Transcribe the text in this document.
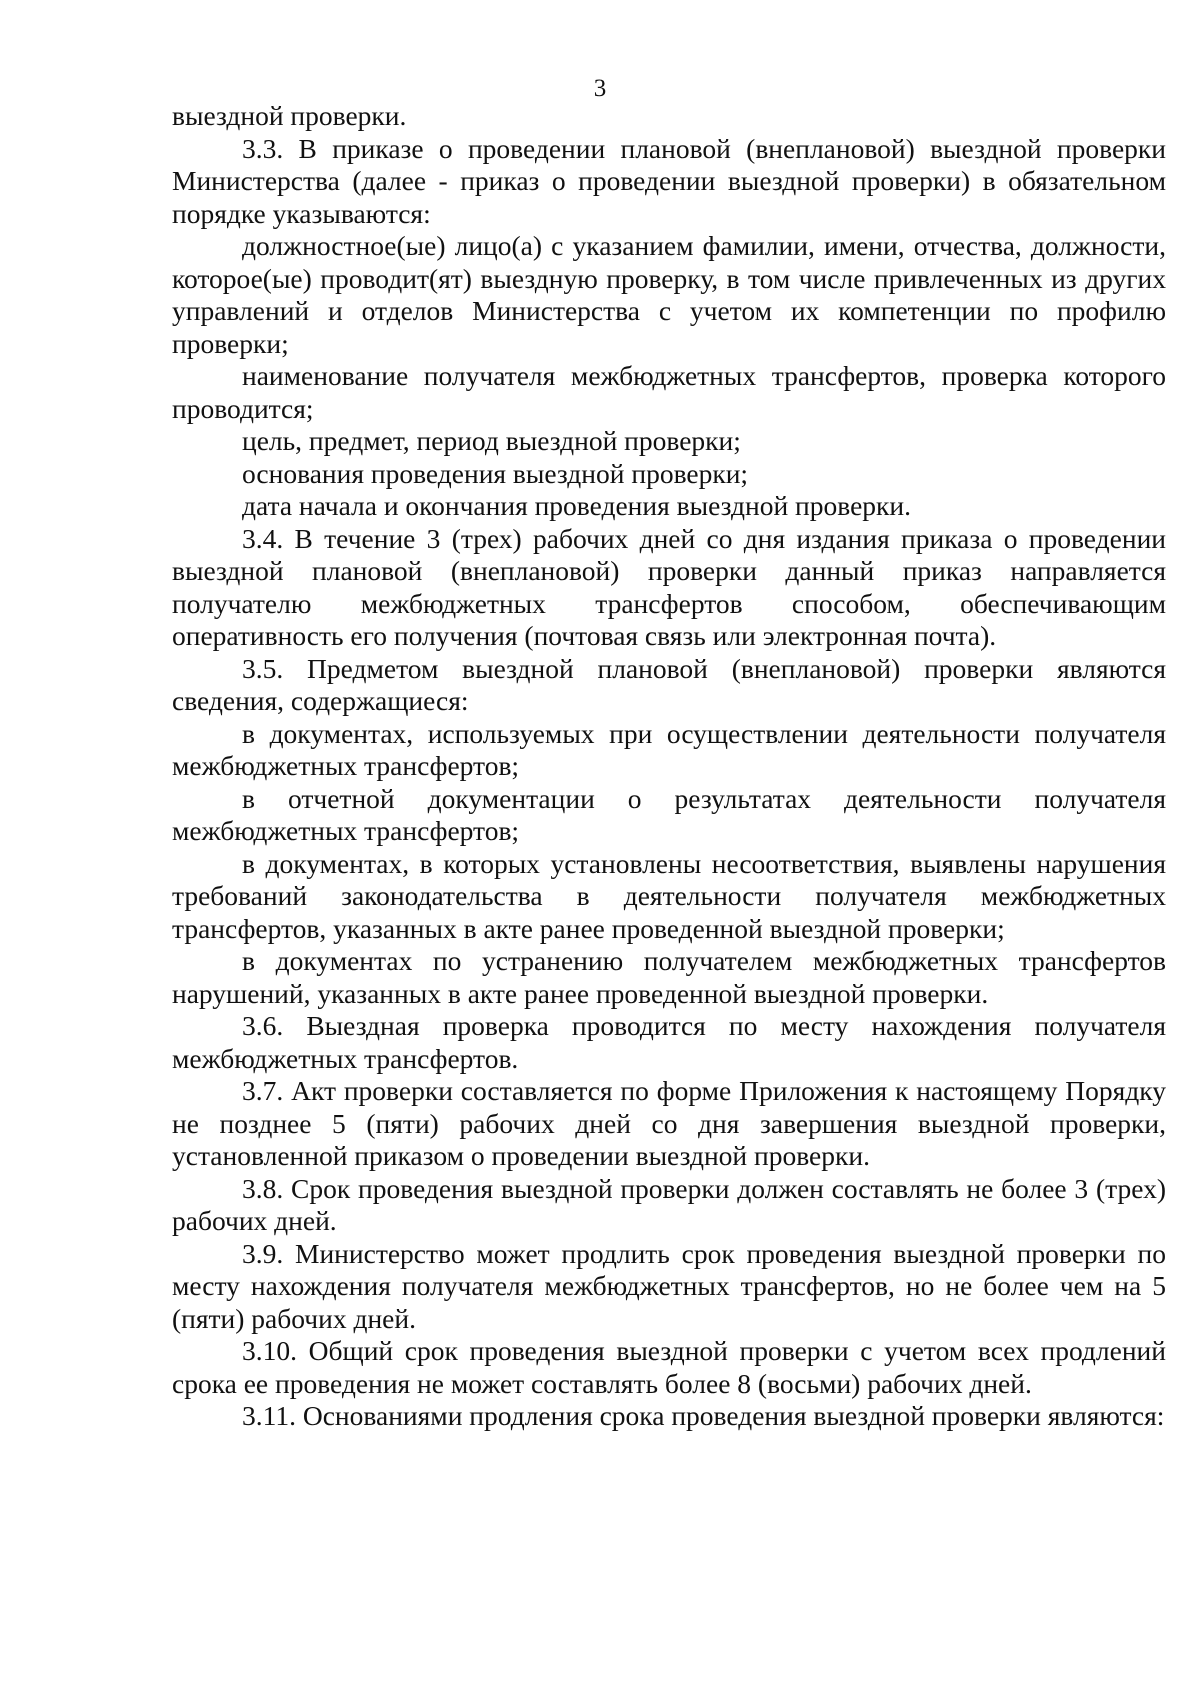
3

выездной проверки.

3.3. В приказе о проведении плановой (внеплановой) выездной проверки Министерства (далее - приказ о проведении выездной проверки) в обязательном порядке указываются:

должностное(ые) лицо(а) с указанием фамилии, имени, отчества, должности, которое(ые) проводит(ят) выездную проверку, в том числе привлеченных из других управлений и отделов Министерства с учетом их компетенции по профилю проверки;

наименование получателя межбюджетных трансфертов, проверка которого проводится;

цель, предмет, период выездной проверки;

основания проведения выездной проверки;

дата начала и окончания проведения выездной проверки.

3.4. В течение 3 (трех) рабочих дней со дня издания приказа о проведении выездной плановой (внеплановой) проверки данный приказ направляется получателю межбюджетных трансфертов способом, обеспечивающим оперативность его получения (почтовая связь или электронная почта).

3.5. Предметом выездной плановой (внеплановой) проверки являются сведения, содержащиеся:

в документах, используемых при осуществлении деятельности получателя межбюджетных трансфертов;

в отчетной документации о результатах деятельности получателя межбюджетных трансфертов;

в документах, в которых установлены несоответствия, выявлены нарушения требований законодательства в деятельности получателя межбюджетных трансфертов, указанных в акте ранее проведенной выездной проверки;

в документах по устранению получателем межбюджетных трансфертов нарушений, указанных в акте ранее проведенной выездной проверки.

3.6. Выездная проверка проводится по месту нахождения получателя межбюджетных трансфертов.

3.7. Акт проверки составляется по форме Приложения к настоящему Порядку не позднее 5 (пяти) рабочих дней со дня завершения выездной проверки, установленной приказом о проведении выездной проверки.

3.8. Срок проведения выездной проверки должен составлять не более 3 (трех) рабочих дней.

3.9. Министерство может продлить срок проведения выездной проверки по месту нахождения получателя межбюджетных трансфертов, но не более чем на 5 (пяти) рабочих дней.

3.10. Общий срок проведения выездной проверки с учетом всех продлений срока ее проведения не может составлять более 8 (восьми) рабочих дней.

3.11. Основаниями продления срока проведения выездной проверки являются:
